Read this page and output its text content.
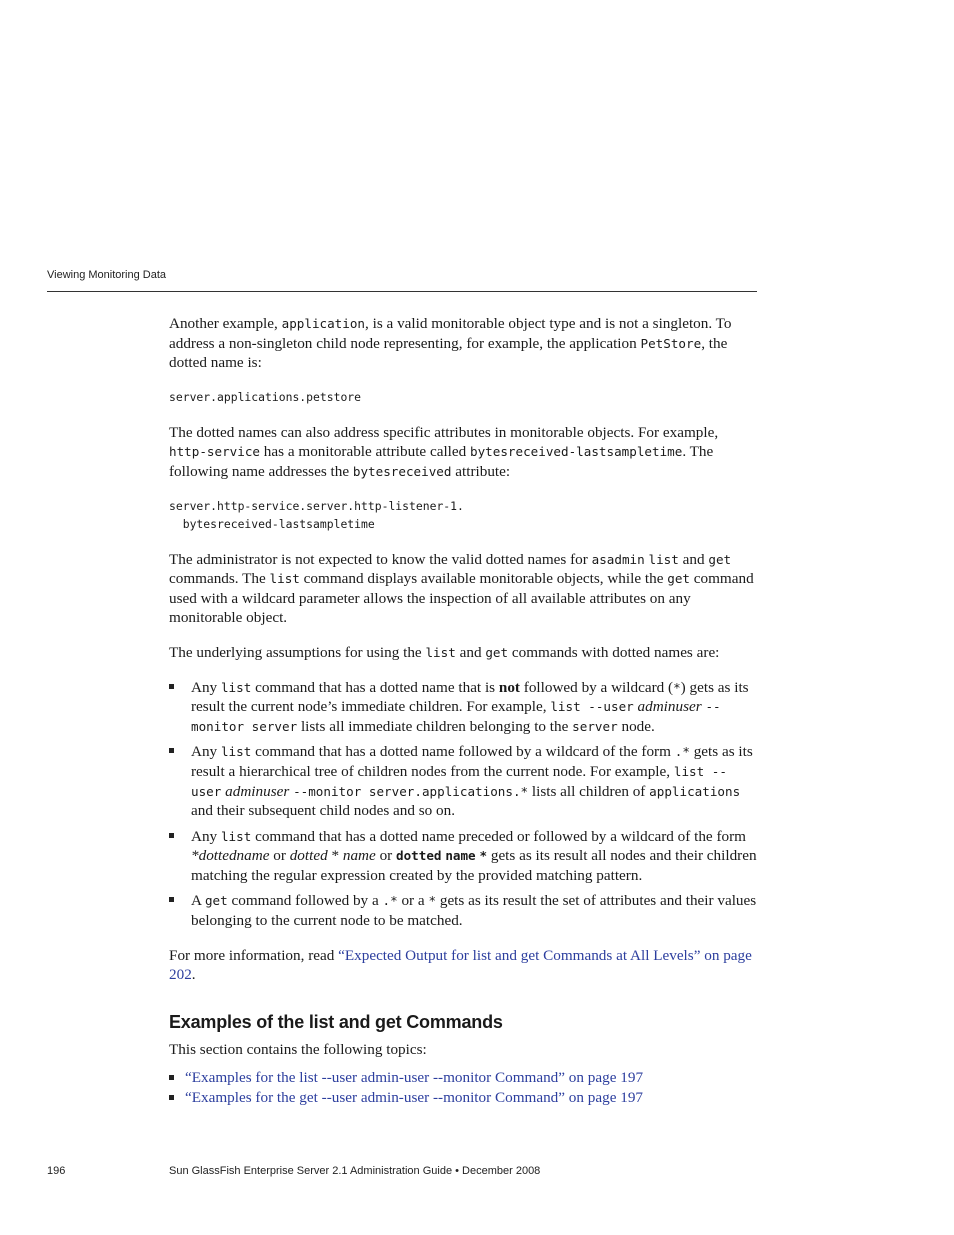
Viewing Monitoring Data

Another example, application, is a valid monitorable object type and is not a singleton. To address a non-singleton child node representing, for example, the application PetStore, the dotted name is:

server.applications.petstore

The dotted names can also address specific attributes in monitorable objects. For example, http-service has a monitorable attribute called bytesreceived-lastsampletime. The following name addresses the bytesreceived attribute:

server.http-service.server.http-listener-1.
bytesreceived-lastsampletime

The administrator is not expected to know the valid dotted names for asadmin list and get commands. The list command displays available monitorable objects, while the get command used with a wildcard parameter allows the inspection of all available attributes on any monitorable object.

The underlying assumptions for using the list and get commands with dotted names are:

Any list command that has a dotted name that is not followed by a wildcard (*) gets as its result the current node’s immediate children. For example, list --user adminuser --monitor server lists all immediate children belonging to the server node.
Any list command that has a dotted name followed by a wildcard of the form .* gets as its result a hierarchical tree of children nodes from the current node. For example, list --user adminuser --monitor server.applications.* lists all children of applications and their subsequent child nodes and so on.
Any list command that has a dotted name preceded or followed by a wildcard of the form *dottedname or dotted * name or dotted name * gets as its result all nodes and their children matching the regular expression created by the provided matching pattern.
A get command followed by a .* or a * gets as its result the set of attributes and their values belonging to the current node to be matched.

For more information, read “Expected Output for list and get Commands at All Levels” on page 202.

Examples of the list and get Commands

This section contains the following topics:

“Examples for the list --user admin-user --monitor Command” on page 197
“Examples for the get --user admin-user --monitor Command” on page 197
196	Sun GlassFish Enterprise Server 2.1 Administration Guide • December 2008
